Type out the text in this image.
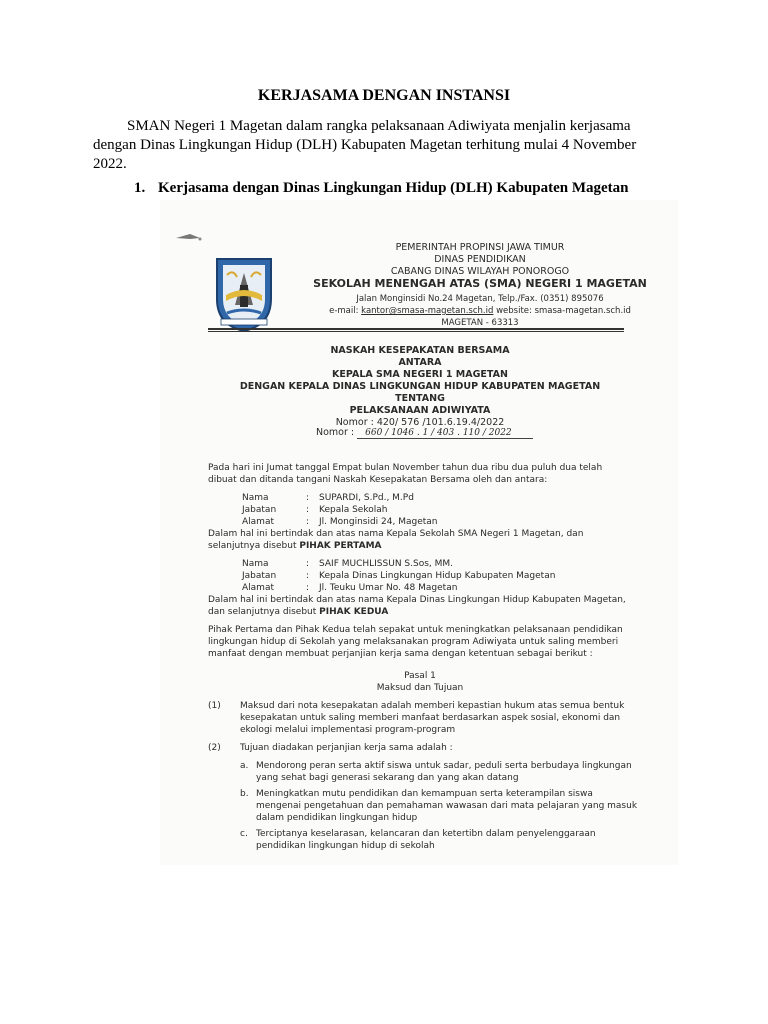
KERJASAMA DENGAN INSTANSI
SMAN Negeri 1 Magetan dalam rangka pelaksanaan Adiwiyata menjalin kerjasama dengan Dinas Lingkungan Hidup (DLH) Kabupaten Magetan terhitung mulai 4 November 2022.
1. Kerjasama dengan Dinas Lingkungan Hidup (DLH) Kabupaten Magetan
PEMERINTAH PROPINSI JAWA TIMUR
DINAS PENDIDIKAN
CABANG DINAS WILAYAH PONOROGO
SEKOLAH MENENGAH ATAS (SMA) NEGERI 1 MAGETAN
Jalan Monginsidi No.24 Magetan, Telp./Fax. (0351) 895076
e-mail: kantor@smasa-magetan.sch.id website: smasa-magetan.sch.id
MAGETAN - 63313
NASKAH KESEPAKATAN BERSAMA
ANTARA
KEPALA SMA NEGERI 1 MAGETAN
DENGAN KEPALA DINAS LINGKUNGAN HIDUP KABUPATEN MAGETAN
TENTANG
PELAKSANAAN ADIWIYATA
Nomor : 420/ 576 /101.6.19.4/2022
Nomor : 660 / 1046 . 1 / 403 . 110 / 2022
Pada hari ini Jumat tanggal Empat bulan November tahun dua ribu dua puluh dua telah
dibuat dan ditanda tangani Naskah Kesepakatan Bersama oleh dan antara:
Nama	: SUPARDI, S.Pd., M.Pd
Jabatan	: Kepala Sekolah
Alamat	: Jl. Monginsidi 24, Magetan
Dalam hal ini bertindak dan atas nama Kepala Sekolah SMA Negeri 1 Magetan, dan
selanjutnya disebut PIHAK PERTAMA
Nama	: SAIF MUCHLISSUN S.Sos, MM.
Jabatan	: Kepala Dinas Lingkungan Hidup Kabupaten Magetan
Alamat	: Jl. Teuku Umar No. 48 Magetan
Dalam hal ini bertindak dan atas nama Kepala Dinas Lingkungan Hidup Kabupaten Magetan,
dan selanjutnya disebut PIHAK KEDUA
Pihak Pertama dan Pihak Kedua telah sepakat untuk meningkatkan pelaksanaan pendidikan
lingkungan hidup di Sekolah yang melaksanakan program Adiwiyata untuk saling memberi
manfaat dengan membuat perjanjian kerja sama dengan ketentuan sebagai berikut :
Pasal 1
Maksud dan Tujuan
(1) Maksud dari nota kesepakatan adalah memberi kepastian hukum atas semua bentuk
kesepakatan untuk saling memberi manfaat berdasarkan aspek sosial, ekonomi dan
ekologi melalui implementasi program-program
(2) Tujuan diadakan perjanjian kerja sama adalah :
a. Mendorong peran serta aktif siswa untuk sadar, peduli serta berbudaya lingkungan
yang sehat bagi generasi sekarang dan yang akan datang
b. Meningkatkan mutu pendidikan dan kemampuan serta keterampilan siswa
mengenai pengetahuan dan pemahaman wawasan dari mata pelajaran yang masuk
dalam pendidikan lingkungan hidup
c. Terciptanya keselarasan, kelancaran dan ketertibn dalam penyelenggaraan
pendidikan lingkungan hidup di sekolah
